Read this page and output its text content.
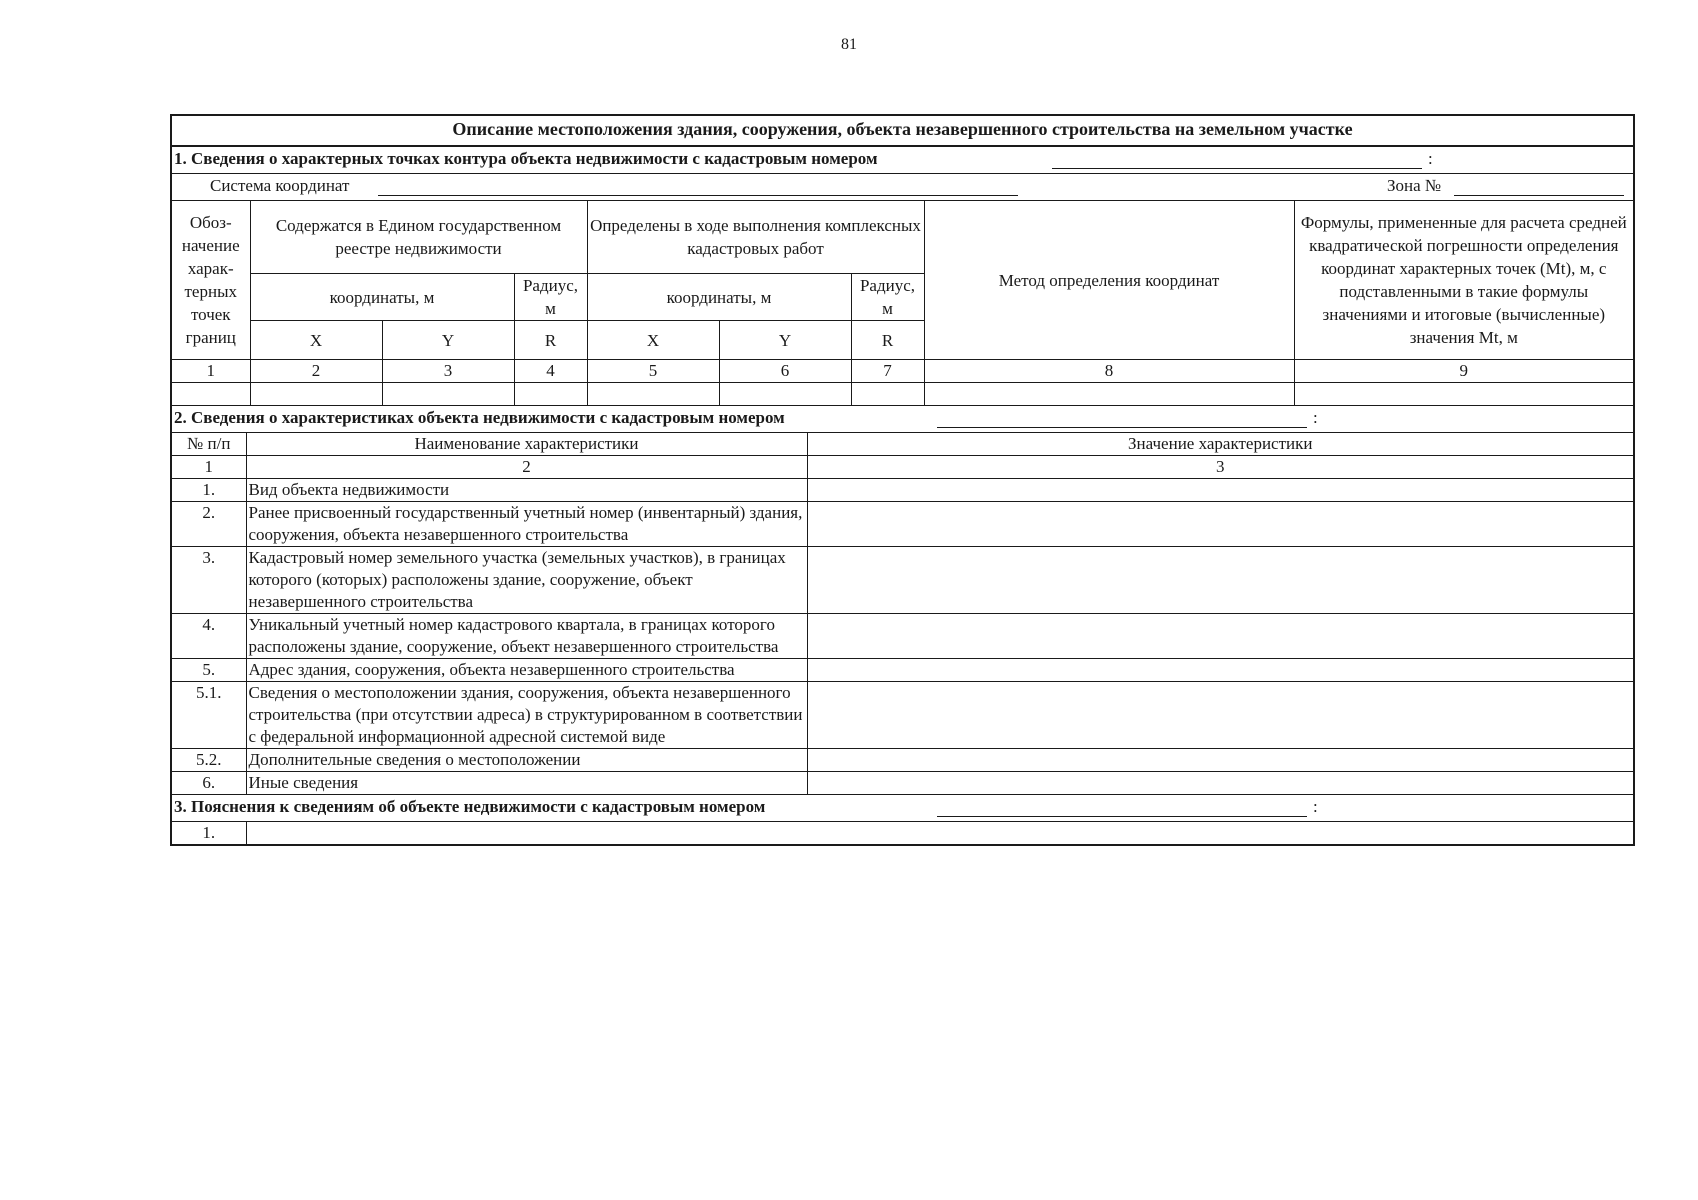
81
Описание местоположения здания, сооружения, объекта незавершенного строительства на земельном участке
1. Сведения о характерных точках контура объекта недвижимости с кадастровым номером :								

Система координат Зона №								

Обоз-начение харак-терных точек границ	Содержатся в Едином государственном реестре недвижимости			Определены в ходе выполнения комплексных кадастровых работ			Метод определения координат	Формулы, примененные для расчета средней квадратической погрешности определения координат характерных точек (Mt), м, с подставленными в такие формулы значениями и итоговые (вычисленные) значения Mt, м
	координаты, м		Радиус, м	координаты, м		Радиус, м		
	X	Y	R	X	Y	R		
1	2	3	4	5	6	7	8	9

2. Сведения о характеристиках объекта недвижимости с кадастровым номером :		

№ п/п	Наименование характеристики	Значение характеристики
1	2	3
1.	Вид объекта недвижимости	
2.	Ранее присвоенный государственный учетный номер (инвентарный) здания, сооружения, объекта незавершенного строительства	
3.	Кадастровый номер земельного участка (земельных участков), в границах которого (которых) расположены здание, сооружение, объект незавершенного строительства	
4.	Уникальный учетный номер кадастрового квартала, в границах которого расположены здание, сооружение, объект незавершенного строительства	
5.	Адрес здания, сооружения, объекта незавершенного строительства	
5.1.	Сведения о местоположении здания, сооружения, объекта незавершенного строительства (при отсутствии адреса) в структурированном в соответствии с федеральной информационной адресной системой виде	
5.2.	Дополнительные сведения о местоположении	
6.	Иные сведения	
3. Пояснения к сведениям об объекте недвижимости с кадастровым номером	:

1.	
